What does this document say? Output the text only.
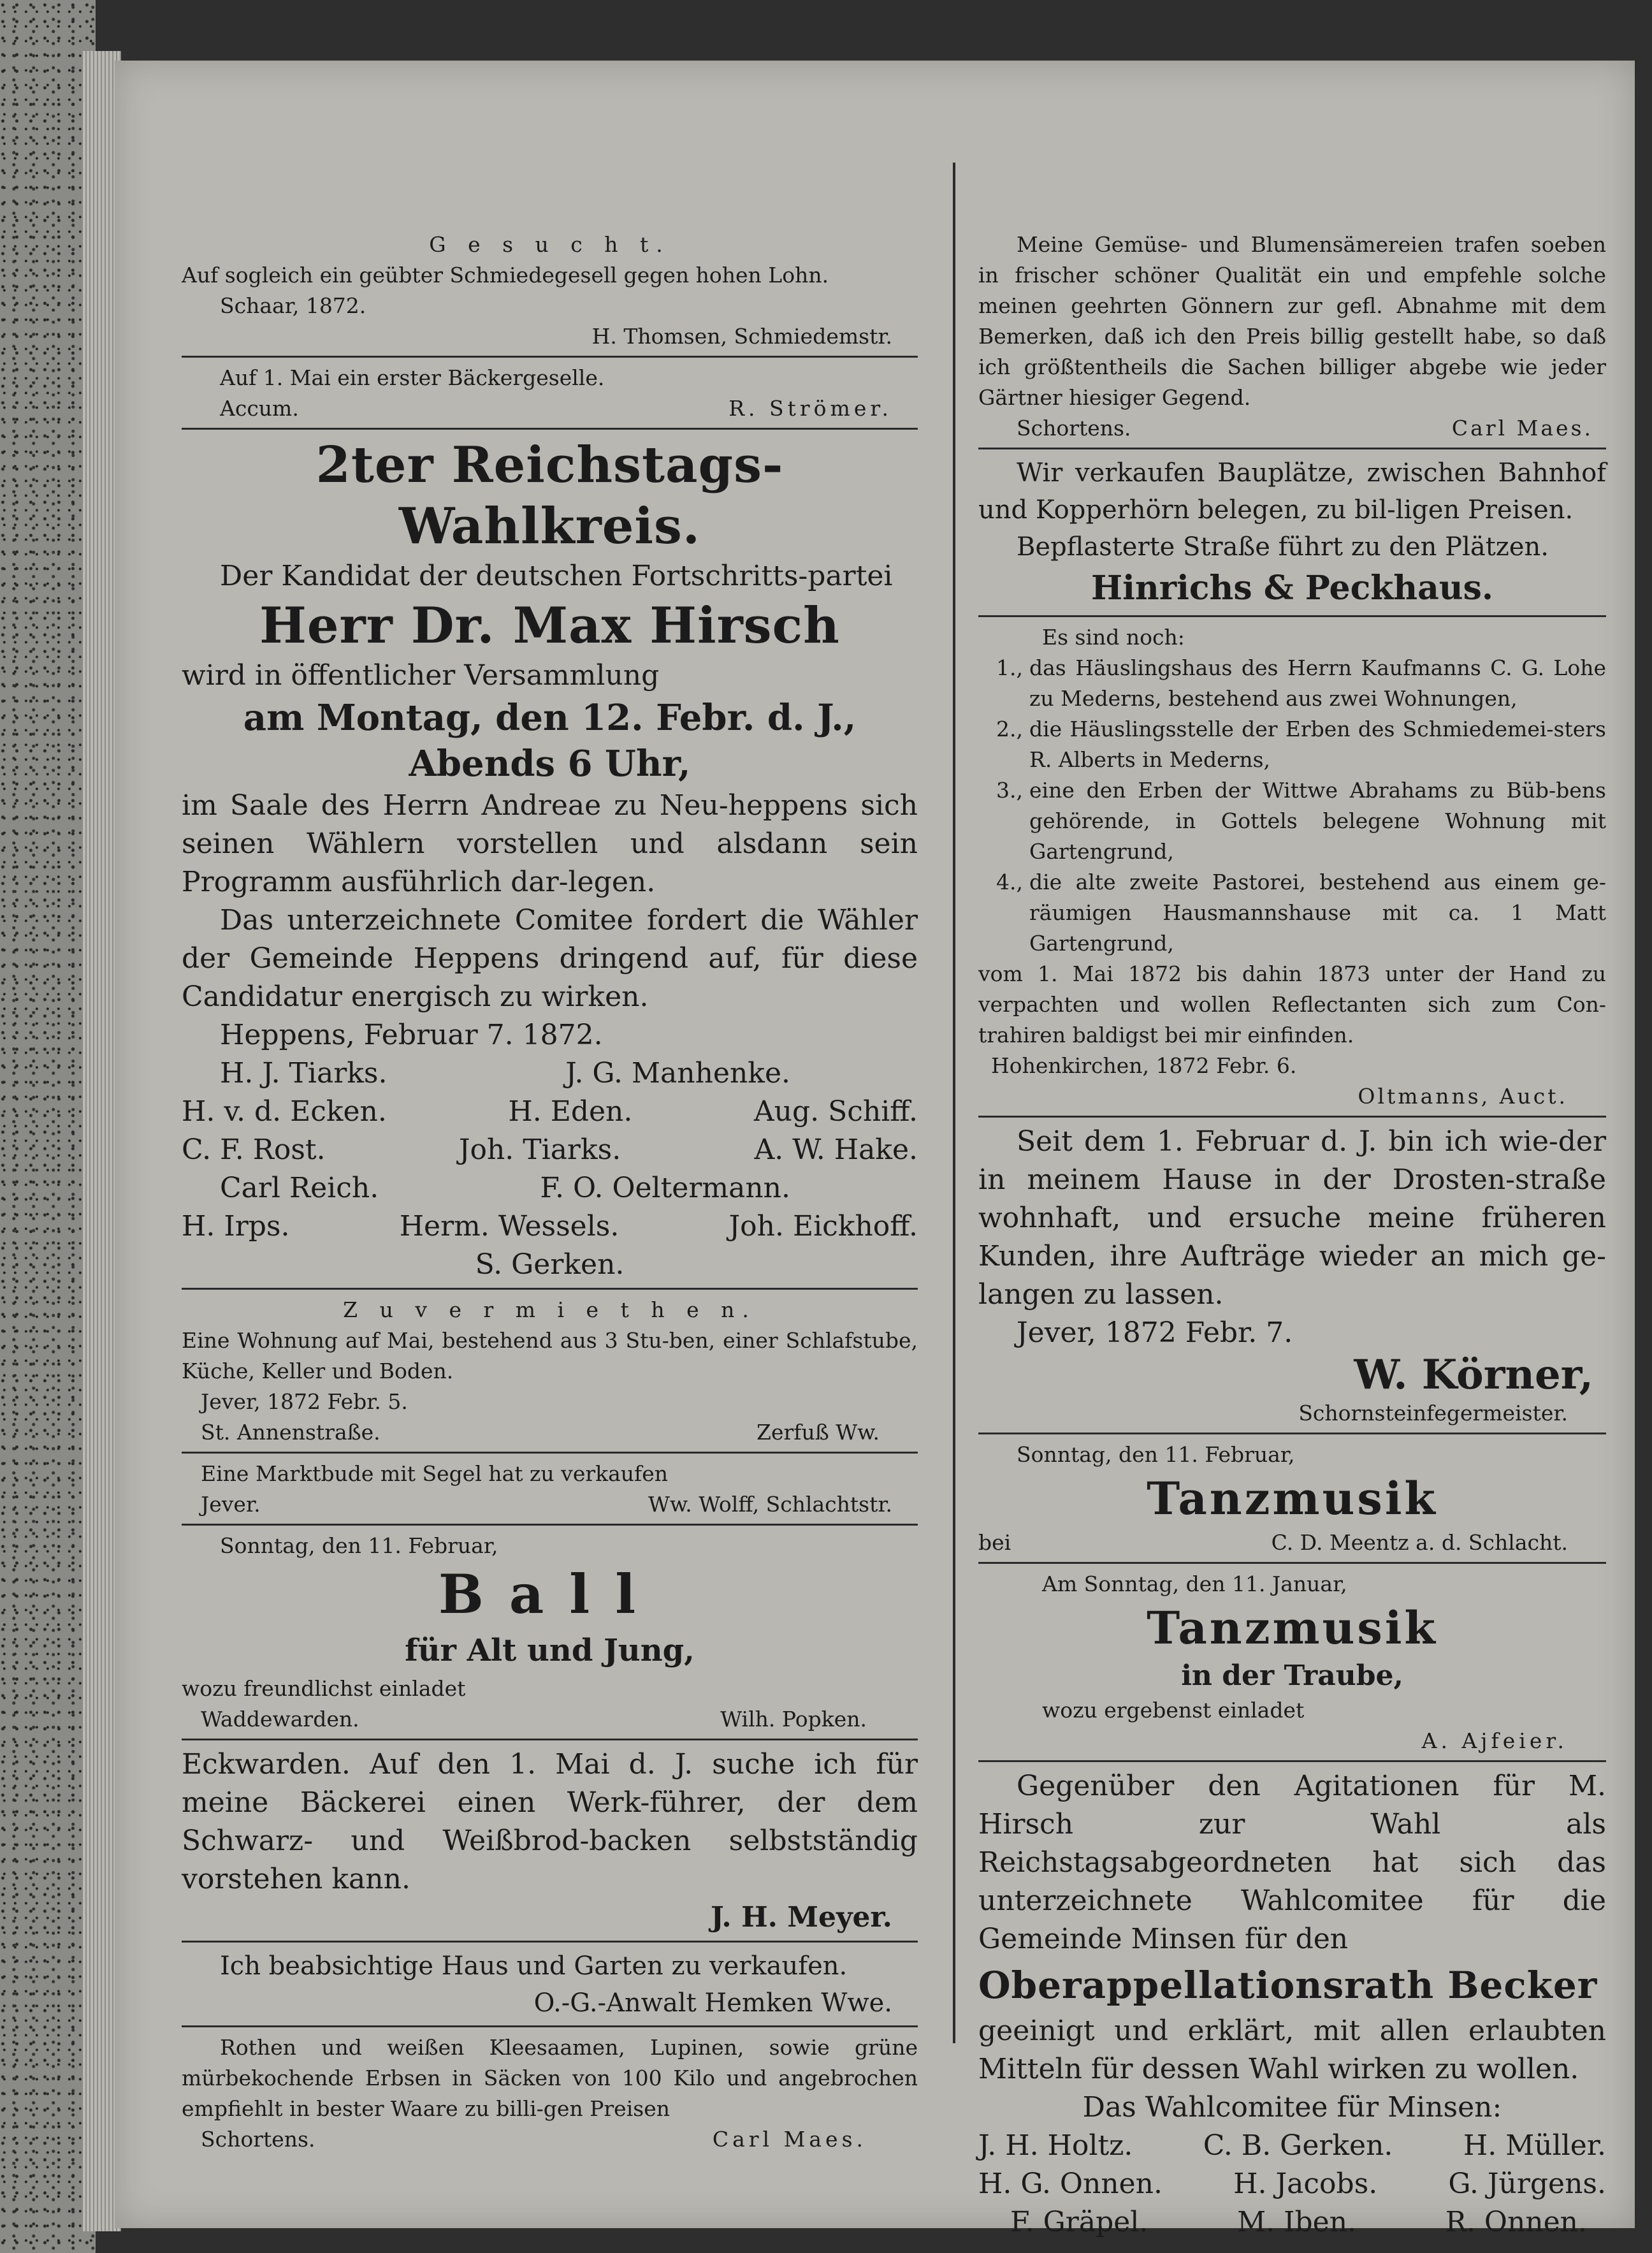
G e s u c h t.

Auf sogleich ein geübter Schmiedegesell gegen hohen Lohn.

Schaar, 1872.

H. Thomsen, Schmiedemstr.

Auf 1. Mai ein erster Bäckergeselle.

Accum.	R. Strömer.

2ter Reichstags-Wahlkreis.

Der Kandidat der deutschen Fortschritts-partei

Herr Dr. Max Hirsch

wird in öffentlicher Versammlung

am Montag, den 12. Febr. d. J.,

Abends 6 Uhr,

im Saale des Herrn Andreae zu Neu-heppens sich seinen Wählern vorstellen und alsdann sein Programm ausführlich dar-legen.

Das unterzeichnete Comitee fordert die Wähler der Gemeinde Heppens dringend auf, für diese Candidatur energisch zu wirken.

Heppens, Februar 7. 1872.

H. J. Tiarks.	J. G. Manhenke.
H. v. d. Ecken.	H. Eden.	Aug. Schiff.
C. F. Rost.	Joh. Tiarks.	A. W. Hake.
Carl Reich.	F. O. Oeltermann.
H. Irps.	Herm. Wessels.	Joh. Eickhoff.

S. Gerken.

Z u v e r m i e t h e n.

Eine Wohnung auf Mai, bestehend aus 3 Stu-ben, einer Schlafstube, Küche, Keller und Boden.

Jever, 1872 Febr. 5.

St. Annenstraße.	Zerfuß Ww.

Eine Marktbude mit Segel hat zu verkaufen

Jever.	Ww. Wolff, Schlachtstr.

Sonntag, den 11. Februar,

Ball

für Alt und Jung,

wozu freundlichst einladet

Waddewarden.	Wilh. Popken.

Eckwarden. Auf den 1. Mai d. J. suche ich für meine Bäckerei einen Werk-führer, der dem Schwarz- und Weißbrod-backen selbstständig vorstehen kann.

J. H. Meyer.

Ich beabsichtige Haus und Garten zu verkaufen.

O.-G.-Anwalt Hemken Wwe.

Rothen und weißen Kleesaamen, Lupinen, sowie grüne mürbekochende Erbsen in Säcken von 100 Kilo und angebrochen empfiehlt in bester Waare zu billi-gen Preisen

Schortens.	Carl Maes.

Meine Gemüse- und Blumensämereien trafen soeben in frischer schöner Qualität ein und empfehle solche meinen geehrten Gönnern zur gefl. Abnahme mit dem Bemerken, daß ich den Preis billig gestellt habe, so daß ich größtentheils die Sachen billiger abgebe wie jeder Gärtner hiesiger Gegend.

Schortens.	Carl Maes.

Wir verkaufen Bauplätze, zwischen Bahnhof und Kopperhörn belegen, zu bil-ligen Preisen.

Bepflasterte Straße führt zu den Plätzen.

Hinrichs & Peckhaus.

Es sind noch:

1., das Häuslingshaus des Herrn Kaufmanns C. G. Lohe zu Mederns, bestehend aus zwei Wohnungen,
2., die Häuslingsstelle der Erben des Schmiedemei-sters R. Alberts in Mederns,
3., eine den Erben der Wittwe Abrahams zu Büb-bens gehörende, in Gottels belegene Wohnung mit Gartengrund,
4., die alte zweite Pastorei, bestehend aus einem ge-räumigen Hausmannshause mit ca. 1 Matt Gartengrund,

vom 1. Mai 1872 bis dahin 1873 unter der Hand zu verpachten und wollen Reflectanten sich zum Con-trahiren baldigst bei mir einfinden.

Hohenkirchen, 1872 Febr. 6.

Oltmanns, Auct.

Seit dem 1. Februar d. J. bin ich wie-der in meinem Hause in der Drosten-straße wohnhaft, und ersuche meine früheren Kunden, ihre Aufträge wieder an mich ge-langen zu lassen.

Jever, 1872 Febr. 7.

W. Körner,

Schornsteinfegermeister.

Sonntag, den 11. Februar,

Tanzmusik

bei	C. D. Meentz a. d. Schlacht.

Am Sonntag, den 11. Januar,

Tanzmusik

in der Traube,

wozu ergebenst einladet

A. Ajfeier.

Gegenüber den Agitationen für M. Hirsch zur Wahl als Reichstagsabgeordneten hat sich das unterzeichnete Wahlcomitee für die Gemeinde Minsen für den

Oberappellationsrath Becker

geeinigt und erklärt, mit allen erlaubten Mitteln für dessen Wahl wirken zu wollen.

Das Wahlcomitee für Minsen:

J. H. Holtz.	C. B. Gerken.	H. Müller.
H. G. Onnen.	H. Jacobs.	G. Jürgens.
F. Gräpel.	M. Iben.	R. Onnen.
